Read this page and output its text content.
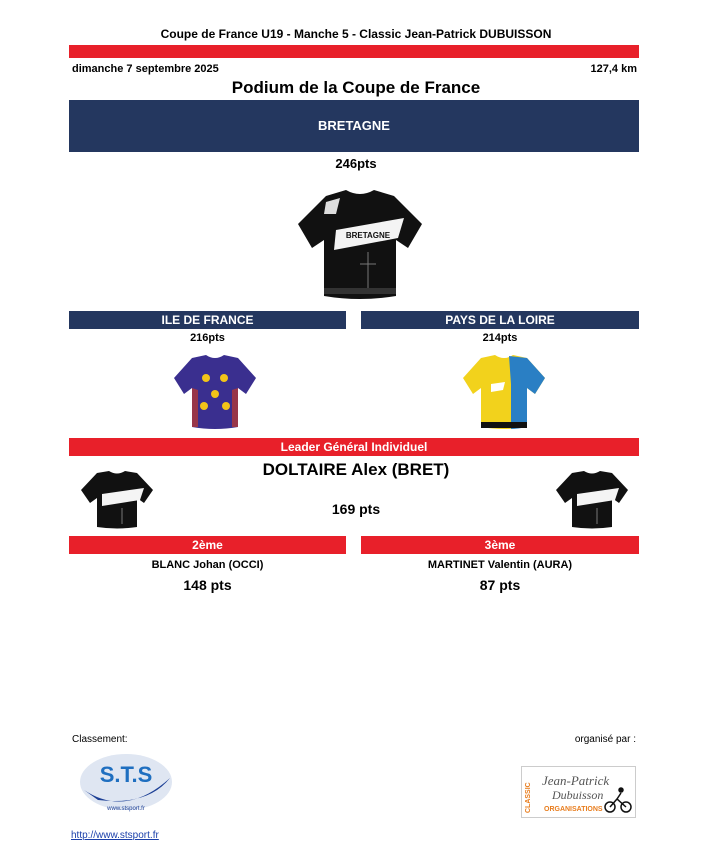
Coupe de France U19 - Manche 5 - Classic Jean-Patrick DUBUISSON
dimanche 7 septembre 2025	127,4 km
Podium de la Coupe de France
BRETAGNE
246pts
BRETAGNE
ILE DE FRANCE	PAYS DE LA LOIRE
216pts	214pts
Leader Général Individuel
DOLTAIRE Alex (BRET)
169 pts
2ème	3ème
BLANC Johan (OCCI)	MARTINET Valentin (AURA)
148 pts	87 pts
Classement:	organisé par :
S.T.S
www.stsport.fr
http://www.stsport.fr
CLASSIC
Jean-Patrick
Dubuisson
ORGANISATIONS
